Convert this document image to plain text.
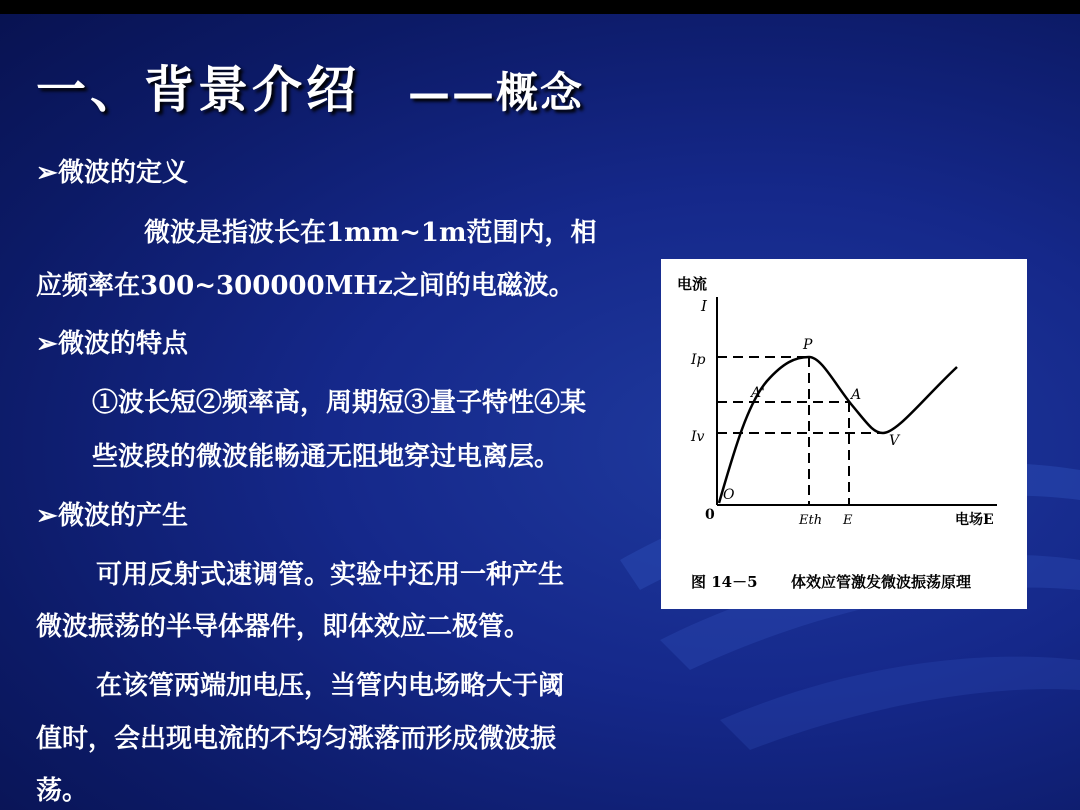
一、背景介绍 ——概念
➢微波的定义
微波是指波长在1mm~1m范围内，相
应频率在300~300000MHz之间的电磁波。
➢微波的特点
①波长短②频率高，周期短③量子特性④某
些波段的微波能畅通无阻地穿过电离层。
➢微波的产生
可用反射式速调管。实验中还用一种产生
微波振荡的半导体器件，即体效应二极管。
在该管两端加电压，当管内电场略大于阈
值时，会出现电流的不均匀涨落而形成微波振
荡。
电流
I
Ip
Iv
0
O
P
A
A'
V
Eth E	电场E
图 14－5 体效应管激发微波振荡原理
